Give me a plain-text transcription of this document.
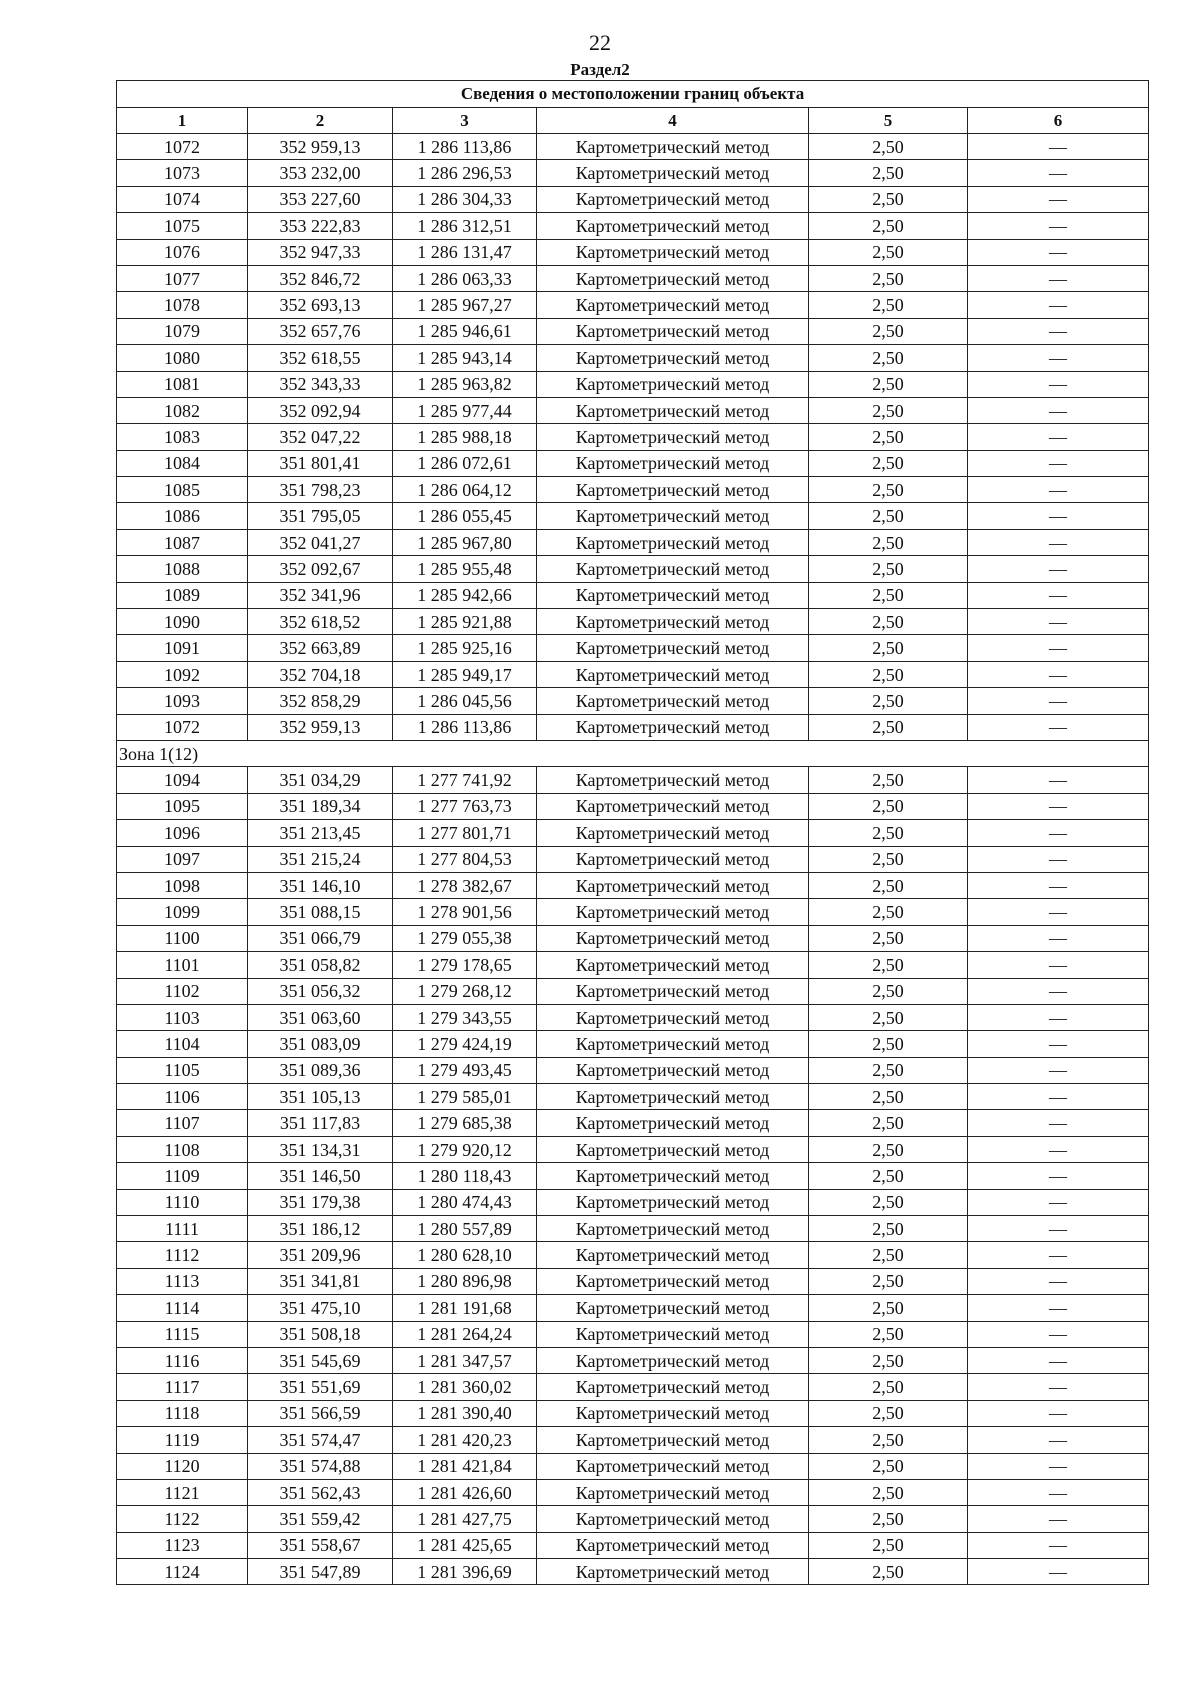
22
Раздел2
Сведения о местоположении границ объекта					
1	2	3	4	5	6
1072	352 959,13	1 286 113,86	Картометрический метод	2,50	—
1073	353 232,00	1 286 296,53	Картометрический метод	2,50	—
1074	353 227,60	1 286 304,33	Картометрический метод	2,50	—
1075	353 222,83	1 286 312,51	Картометрический метод	2,50	—
1076	352 947,33	1 286 131,47	Картометрический метод	2,50	—
1077	352 846,72	1 286 063,33	Картометрический метод	2,50	—
1078	352 693,13	1 285 967,27	Картометрический метод	2,50	—
1079	352 657,76	1 285 946,61	Картометрический метод	2,50	—
1080	352 618,55	1 285 943,14	Картометрический метод	2,50	—
1081	352 343,33	1 285 963,82	Картометрический метод	2,50	—
1082	352 092,94	1 285 977,44	Картометрический метод	2,50	—
1083	352 047,22	1 285 988,18	Картометрический метод	2,50	—
1084	351 801,41	1 286 072,61	Картометрический метод	2,50	—
1085	351 798,23	1 286 064,12	Картометрический метод	2,50	—
1086	351 795,05	1 286 055,45	Картометрический метод	2,50	—
1087	352 041,27	1 285 967,80	Картометрический метод	2,50	—
1088	352 092,67	1 285 955,48	Картометрический метод	2,50	—
1089	352 341,96	1 285 942,66	Картометрический метод	2,50	—
1090	352 618,52	1 285 921,88	Картометрический метод	2,50	—
1091	352 663,89	1 285 925,16	Картометрический метод	2,50	—
1092	352 704,18	1 285 949,17	Картометрический метод	2,50	—
1093	352 858,29	1 286 045,56	Картометрический метод	2,50	—
1072	352 959,13	1 286 113,86	Картометрический метод	2,50	—
Зона 1(12)					
1094	351 034,29	1 277 741,92	Картометрический метод	2,50	—
1095	351 189,34	1 277 763,73	Картометрический метод	2,50	—
1096	351 213,45	1 277 801,71	Картометрический метод	2,50	—
1097	351 215,24	1 277 804,53	Картометрический метод	2,50	—
1098	351 146,10	1 278 382,67	Картометрический метод	2,50	—
1099	351 088,15	1 278 901,56	Картометрический метод	2,50	—
1100	351 066,79	1 279 055,38	Картометрический метод	2,50	—
1101	351 058,82	1 279 178,65	Картометрический метод	2,50	—
1102	351 056,32	1 279 268,12	Картометрический метод	2,50	—
1103	351 063,60	1 279 343,55	Картометрический метод	2,50	—
1104	351 083,09	1 279 424,19	Картометрический метод	2,50	—
1105	351 089,36	1 279 493,45	Картометрический метод	2,50	—
1106	351 105,13	1 279 585,01	Картометрический метод	2,50	—
1107	351 117,83	1 279 685,38	Картометрический метод	2,50	—
1108	351 134,31	1 279 920,12	Картометрический метод	2,50	—
1109	351 146,50	1 280 118,43	Картометрический метод	2,50	—
1110	351 179,38	1 280 474,43	Картометрический метод	2,50	—
1111	351 186,12	1 280 557,89	Картометрический метод	2,50	—
1112	351 209,96	1 280 628,10	Картометрический метод	2,50	—
1113	351 341,81	1 280 896,98	Картометрический метод	2,50	—
1114	351 475,10	1 281 191,68	Картометрический метод	2,50	—
1115	351 508,18	1 281 264,24	Картометрический метод	2,50	—
1116	351 545,69	1 281 347,57	Картометрический метод	2,50	—
1117	351 551,69	1 281 360,02	Картометрический метод	2,50	—
1118	351 566,59	1 281 390,40	Картометрический метод	2,50	—
1119	351 574,47	1 281 420,23	Картометрический метод	2,50	—
1120	351 574,88	1 281 421,84	Картометрический метод	2,50	—
1121	351 562,43	1 281 426,60	Картометрический метод	2,50	—
1122	351 559,42	1 281 427,75	Картометрический метод	2,50	—
1123	351 558,67	1 281 425,65	Картометрический метод	2,50	—
1124	351 547,89	1 281 396,69	Картометрический метод	2,50	—
